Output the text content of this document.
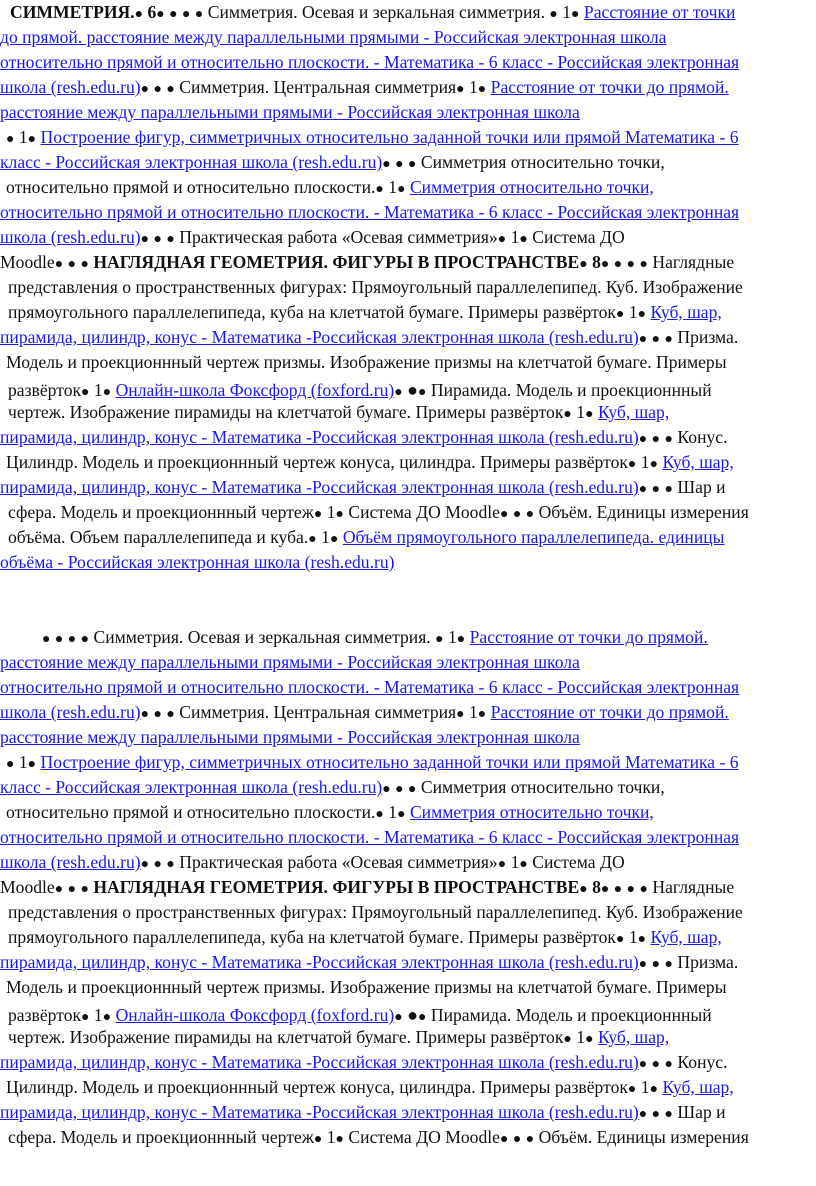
СИММЕТРИЯ.● 6● ● ● ● Симметрия. Осевая и зеркальная симметрия. ● 1● Расстояние от точки
до прямой. расстояние между параллельными прямыми - Российская электронная школа
относительно прямой и относительно плоскости. - Математика - 6 класс - Российская электронная
школа (resh.edu.ru)● ● ● Симметрия. Центральная симметрия● 1● Расстояние от точки до прямой.
расстояние между параллельными прямыми - Российская электронная школа
● 1● Построение фигур, симметричных относительно заданной точки или прямой Математика - 6
класс - Российская электронная школа (resh.edu.ru)● ● ● Симметрия относительно точки,
относительно прямой и относительно плоскости.● 1● Симметрия относительно точки,
относительно прямой и относительно плоскости. - Математика - 6 класс - Российская электронная
школа (resh.edu.ru)● ● ● Практическая работа «Осевая симметрия»● 1● Система ДО
Moodle● ● ● НАГЛЯДНАЯ ГЕОМЕТРИЯ. ФИГУРЫ В ПРОСТРАНСТВЕ● 8● ● ● ● Наглядные
представления о пространственных фигурах: Прямоугольный параллелепипед. Куб. Изображение
прямоугольного параллелепипеда, куба на клетчатой бумаге. Примеры развёрток● 1● Куб, шар,
пирамида, цилиндр, конус - Математика -Российская электронная школа (resh.edu.ru)● ● ● Призма.
Модель и проекционнный чертеж призмы. Изображение призмы на клетчатой бумаге. Примеры
развёрток● 1● Онлайн-школа Фоксфорд (foxford.ru)● ●● Пирамида. Модель и проекционнный
чертеж. Изображение пирамиды на клетчатой бумаге. Примеры развёрток● 1● Куб, шар,
пирамида, цилиндр, конус - Математика -Российская электронная школа (resh.edu.ru)● ● ● Конус.
Цилиндр. Модель и проекционнный чертеж конуса, цилиндра. Примеры развёрток● 1● Куб, шар,
пирамида, цилиндр, конус - Математика -Российская электронная школа (resh.edu.ru)● ● ● Шар и
сфера. Модель и проекционнный чертеж● 1● Система ДО Moodle● ● ● Объём. Единицы измерения
объёма. Объем параллелепипеда и куба.● 1● Объём прямоугольного параллелепипеда. единицы
объёма - Российская электронная школа (resh.edu.ru)
● ● ● ● Симметрия. Осевая и зеркальная симметрия. ● 1● Расстояние от точки до прямой.
расстояние между параллельными прямыми - Российская электронная школа
относительно прямой и относительно плоскости. - Математика - 6 класс - Российская электронная
школа (resh.edu.ru)● ● ● Симметрия. Центральная симметрия● 1● Расстояние от точки до прямой.
расстояние между параллельными прямыми - Российская электронная школа
● 1● Построение фигур, симметричных относительно заданной точки или прямой Математика - 6
класс - Российская электронная школа (resh.edu.ru)● ● ● Симметрия относительно точки,
относительно прямой и относительно плоскости.● 1● Симметрия относительно точки,
относительно прямой и относительно плоскости. - Математика - 6 класс - Российская электронная
школа (resh.edu.ru)● ● ● Практическая работа «Осевая симметрия»● 1● Система ДО
Moodle● ● ● НАГЛЯДНАЯ ГЕОМЕТРИЯ. ФИГУРЫ В ПРОСТРАНСТВЕ● 8● ● ● ● Наглядные
представления о пространственных фигурах: Прямоугольный параллелепипед. Куб. Изображение
прямоугольного параллелепипеда, куба на клетчатой бумаге. Примеры развёрток● 1● Куб, шар,
пирамида, цилиндр, конус - Математика -Российская электронная школа (resh.edu.ru)● ● ● Призма.
Модель и проекционнный чертеж призмы. Изображение призмы на клетчатой бумаге. Примеры
развёрток● 1● Онлайн-школа Фоксфорд (foxford.ru)● ●● Пирамида. Модель и проекционнный
чертеж. Изображение пирамиды на клетчатой бумаге. Примеры развёрток● 1● Куб, шар,
пирамида, цилиндр, конус - Математика -Российская электронная школа (resh.edu.ru)● ● ● Конус.
Цилиндр. Модель и проекционнный чертеж конуса, цилиндра. Примеры развёрток● 1● Куб, шар,
пирамида, цилиндр, конус - Математика -Российская электронная школа (resh.edu.ru)● ● ● Шар и
сфера. Модель и проекционнный чертеж● 1● Система ДО Moodle● ● ● Объём. Единицы измерения
